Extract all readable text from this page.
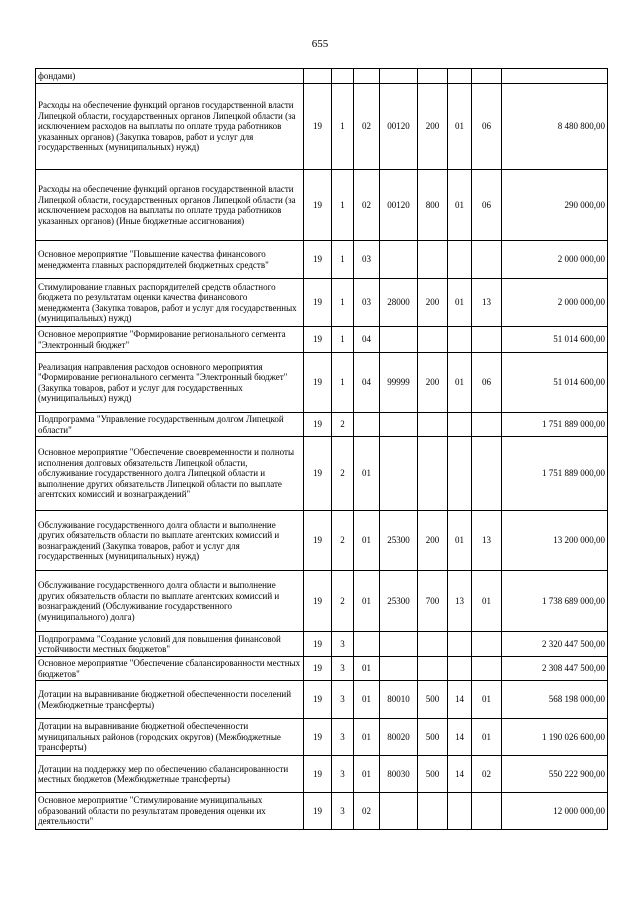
655
фондами)								
Расходы на обеспечение функций органов государственной власти Липецкой области, государственных органов Липецкой области (за исключением расходов на выплаты по оплате труда работников указанных органов) (Закупка товаров, работ и услуг для государственных (муниципальных) нужд)	19	1	02	00120	200	01	06	8 480 800,00
Расходы на обеспечение функций органов государственной власти Липецкой области, государственных органов Липецкой области (за исключением расходов на выплаты по оплате труда работников указанных органов) (Иные бюджетные ассигнования)	19	1	02	00120	800	01	06	290 000,00
Основное мероприятие "Повышение качества финансового менеджмента главных распорядителей бюджетных средств"	19	1	03					2 000 000,00
Стимулирование главных распорядителей средств областного бюджета по результатам оценки качества финансового менеджмента (Закупка товаров, работ и услуг для государственных (муниципальных) нужд)	19	1	03	28000	200	01	13	2 000 000,00
Основное мероприятие "Формирование регионального сегмента "Электронный бюджет"	19	1	04					51 014 600,00
Реализация направления расходов основного мероприятия "Формирование регионального сегмента "Электронный бюджет" (Закупка товаров, работ и услуг для государственных (муниципальных) нужд)	19	1	04	99999	200	01	06	51 014 600,00
Подпрограмма "Управление государственным долгом Липецкой области"	19	2						1 751 889 000,00
Основное мероприятие "Обеспечение своевременности и полноты исполнения долговых обязательств Липецкой области, обслуживание государственного долга Липецкой области и выполнение других обязательств Липецкой области по выплате агентских комиссий и вознаграждений"	19	2	01					1 751 889 000,00
Обслуживание государственного долга области и выполнение других обязательств области по выплате агентских комиссий и вознаграждений (Закупка товаров, работ и услуг для государственных (муниципальных) нужд)	19	2	01	25300	200	01	13	13 200 000,00
Обслуживание государственного долга области и выполнение других обязательств области по выплате агентских комиссий и вознаграждений (Обслуживание государственного (муниципального) долга)	19	2	01	25300	700	13	01	1 738 689 000,00
Подпрограмма "Создание условий для повышения финансовой устойчивости местных бюджетов"	19	3						2 320 447 500,00
Основное мероприятие "Обеспечение сбалансированности местных бюджетов"	19	3	01					2 308 447 500,00
Дотации на выравнивание бюджетной обеспеченности поселений (Межбюджетные трансферты)	19	3	01	80010	500	14	01	568 198 000,00
Дотации на выравнивание бюджетной обеспеченности муниципальных районов (городских округов) (Межбюджетные трансферты)	19	3	01	80020	500	14	01	1 190 026 600,00
Дотации на поддержку мер по обеспечению сбалансированности местных бюджетов (Межбюджетные трансферты)	19	3	01	80030	500	14	02	550 222 900,00
Основное мероприятие "Стимулирование муниципальных образований области по результатам проведения оценки их деятельности"	19	3	02					12 000 000,00
